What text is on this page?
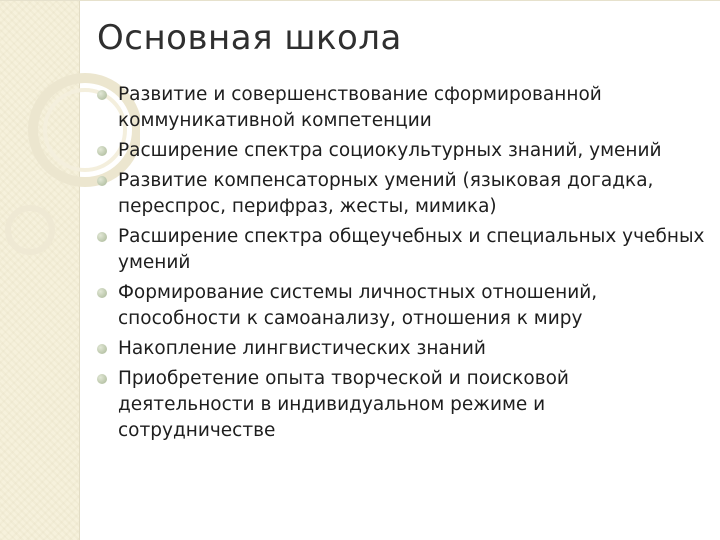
Основная школа
Развитие и совершенствование сформированной коммуникативной компетенции
Расширение спектра социокультурных знаний, умений
Развитие компенсаторных умений (языковая догадка, переспрос, перифраз, жесты, мимика)
Расширение спектра общеучебных и специальных учебных умений
Формирование системы личностных отношений, способности к самоанализу, отношения к миру
Накопление лингвистических знаний
Приобретение опыта творческой и поисковой деятельности в индивидуальном режиме и сотрудничестве
